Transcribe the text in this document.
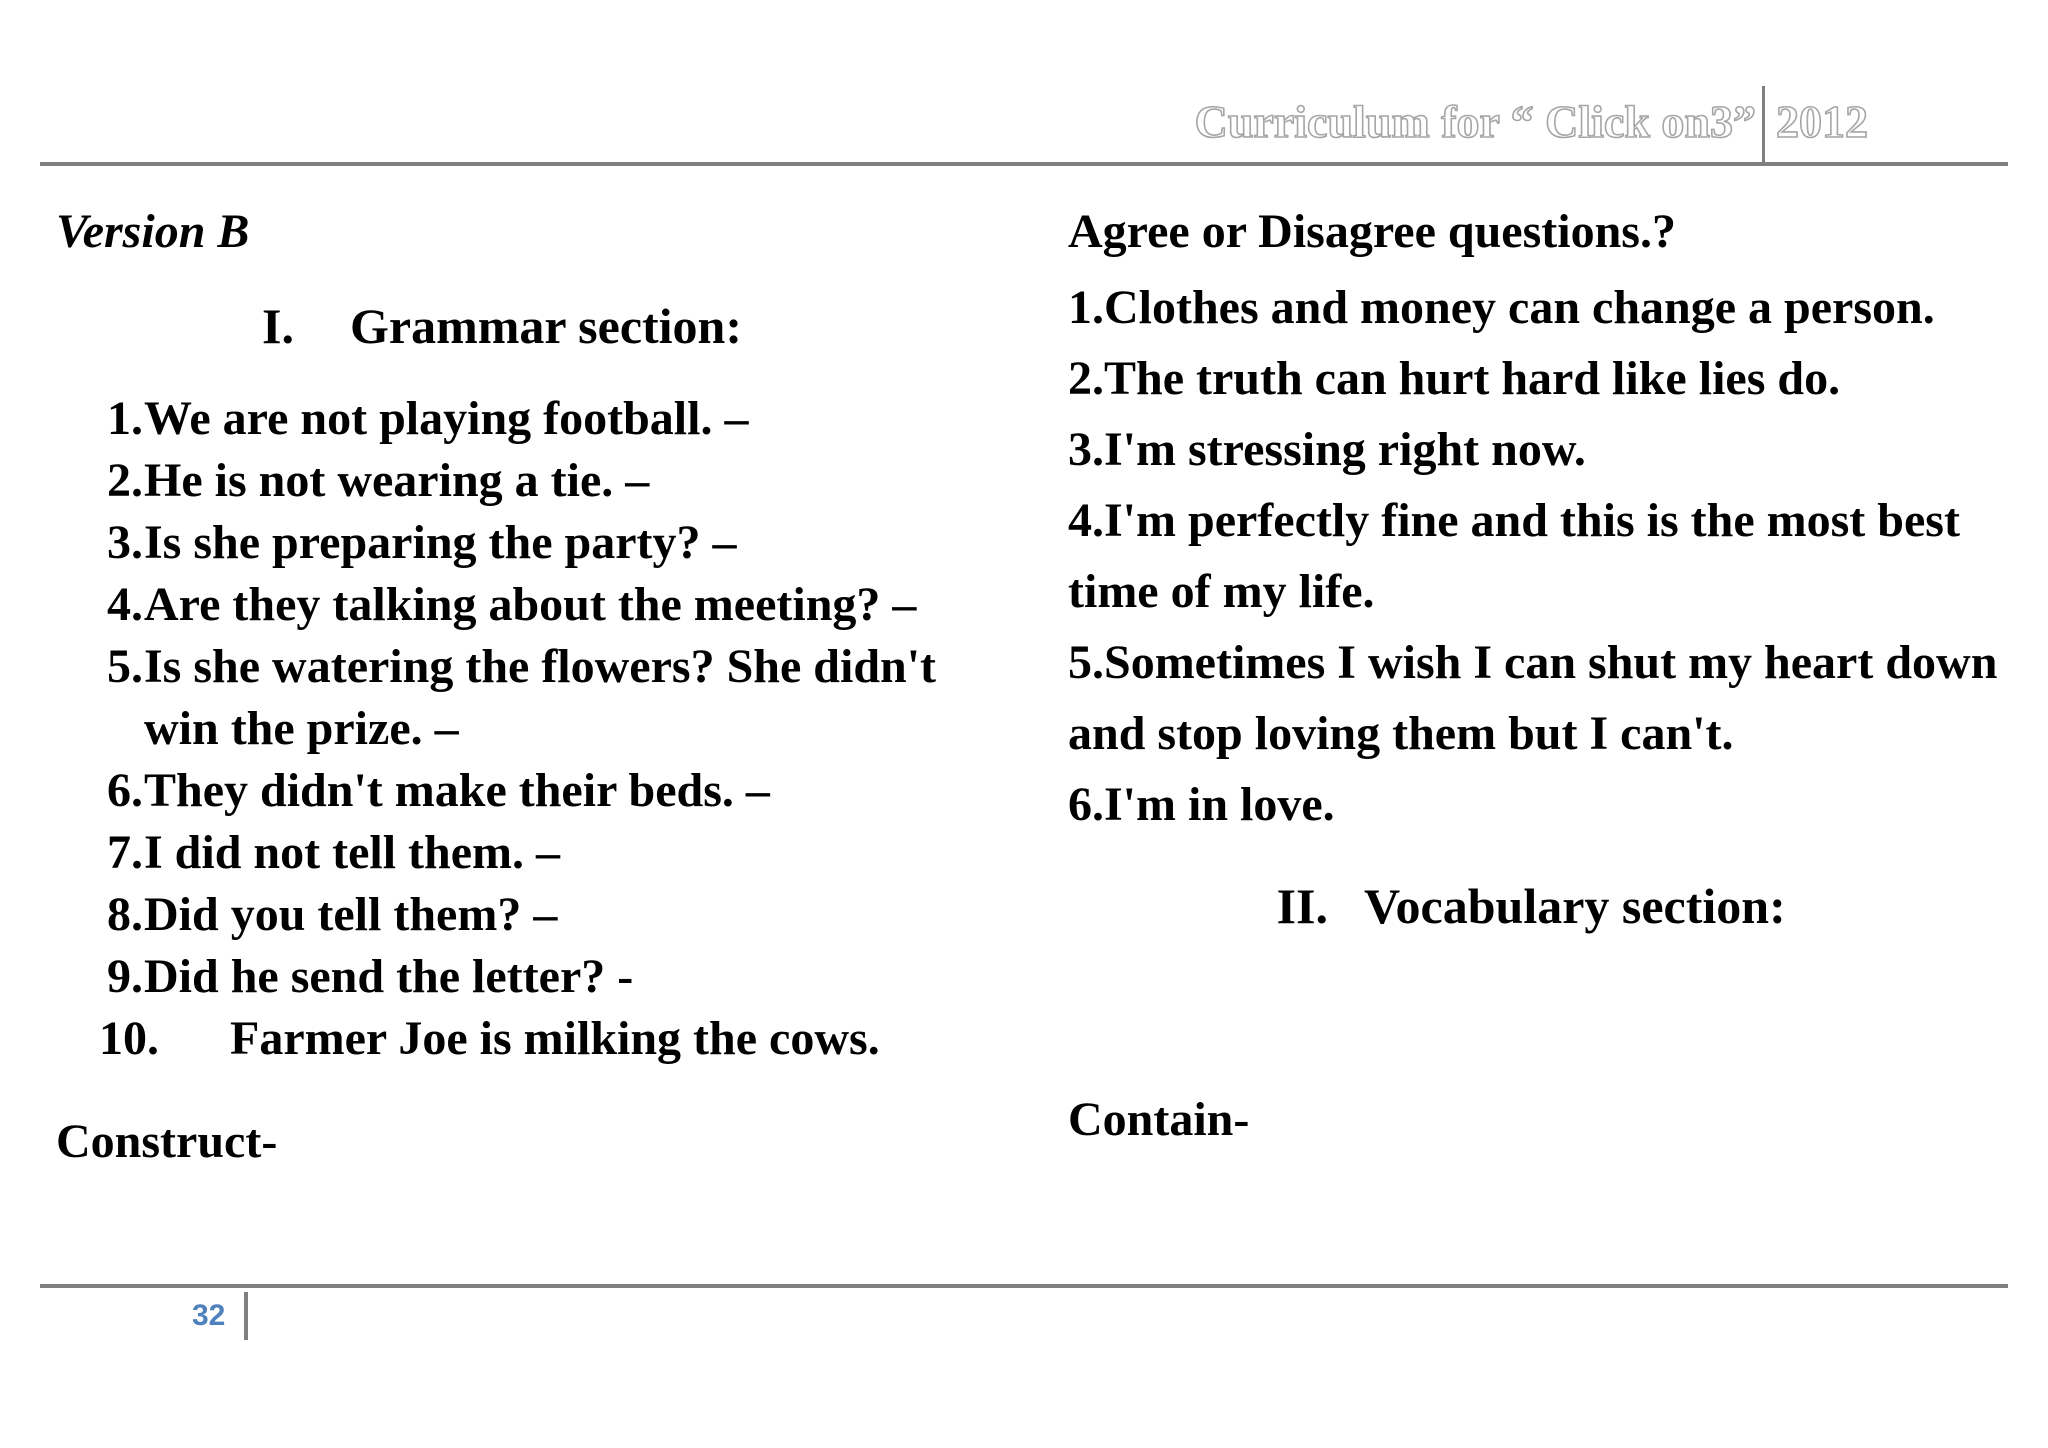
Curriculum for “ Click on3” 2012

Version B

I.	Grammar section:
1. We are not playing football. –
2. He is not wearing a tie. –
3. Is she preparing the party? –
4. Are they talking about the meeting? –
5. Is she watering the flowers? She didn't win the prize. –
6. They didn't make their beds. –
7. I did not tell them. –
8. Did you tell them? –
9. Did he send the letter? -
10.	Farmer Joe is milking the cows.
Construct-

Agree or Disagree questions.?

1.Clothes and money can change a person.
2.The truth can hurt hard like lies do.
3.I'm stressing right now.
4.I'm perfectly fine and this is the most best time of my life.
5.Sometimes I wish I can shut my heart down and stop loving them but I can't.
6.I'm in love.
II. Vocabulary section:
Contain-
32
